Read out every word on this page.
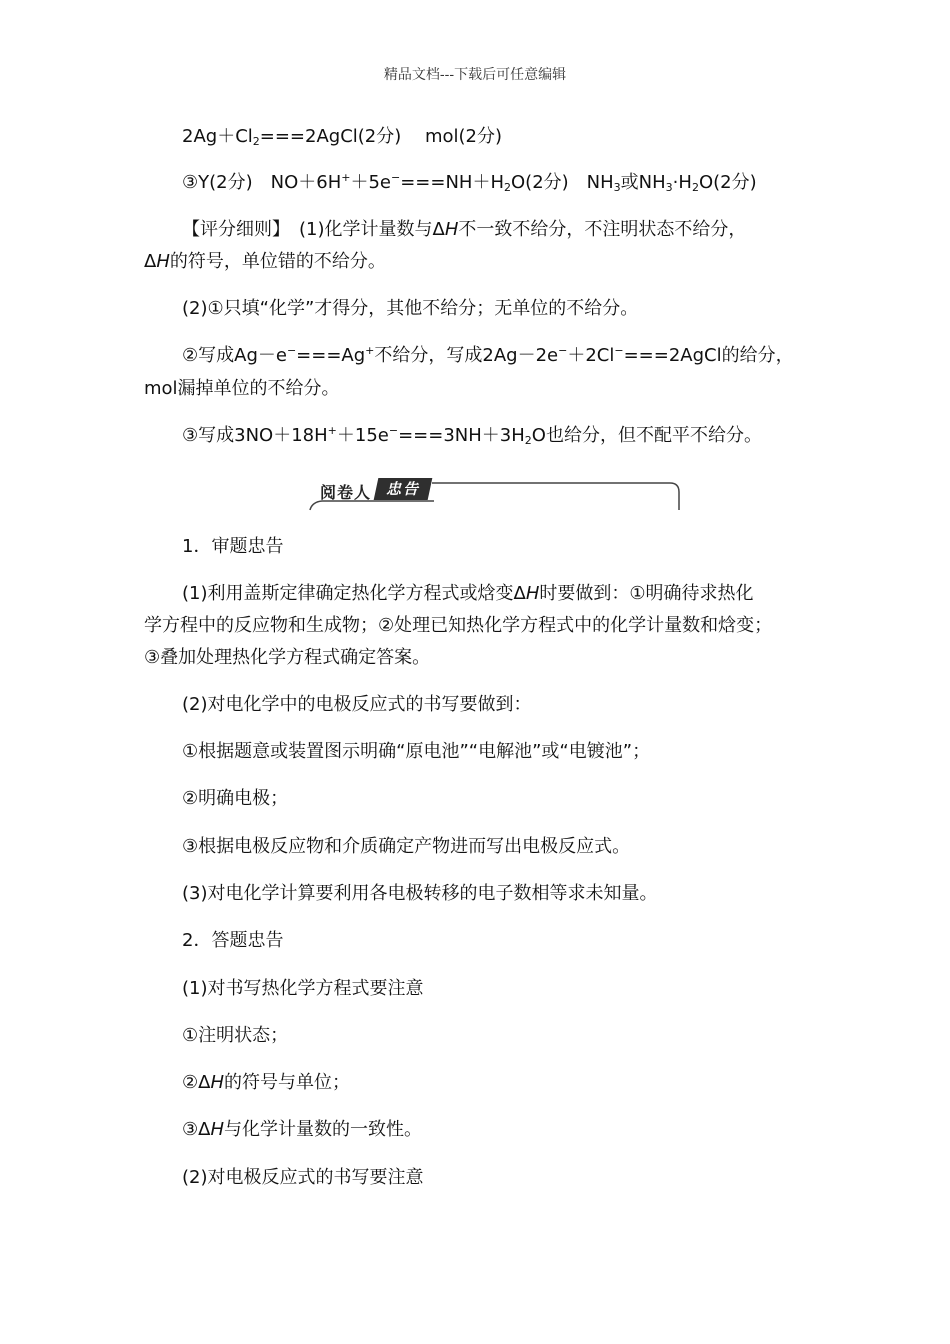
精品文档---下载后可任意编辑
$2Ag+Cl_2===2AgCl(2$分)　 mol(2分)
③Y(2分)　$NO+6H^++5e^-===NH+H_2O(2$分)　$NH_3$或$NH_3\cdot H_2O(2$分)
【评分细则】　(1)化学计量数与ΔH不一致不给分，不注明状态不给分，
ΔH的符号，单位错的不给分。
(2)①只填“化学”才得分，其他不给分；无单位的不给分。
②写成Ag－e−===Ag+不给分，写成2Ag－2e−＋2Cl−===2AgCl的给分，
mol漏掉单位的不给分。
③写成$3NO+18H^++15e^-===3NH+3H_2O$也给分，但不配平不给分。
阅卷人 忠告
1．审题忠告
(1)利用盖斯定律确定热化学方程式或焓变ΔH时要做到：①明确待求热化
学方程中的反应物和生成物；②处理已知热化学方程式中的化学计量数和焓变；
③叠加处理热化学方程式确定答案。
(2)对电化学中的电极反应式的书写要做到：
①根据题意或装置图示明确“原电池”“电解池”或“电镀池”；
②明确电极；
③根据电极反应物和介质确定产物进而写出电极反应式。
(3)对电化学计算要利用各电极转移的电子数相等求未知量。
2．答题忠告
(1)对书写热化学方程式要注意
①注明状态；
②ΔH的符号与单位；
③ΔH与化学计量数的一致性。
(2)对电极反应式的书写要注意
